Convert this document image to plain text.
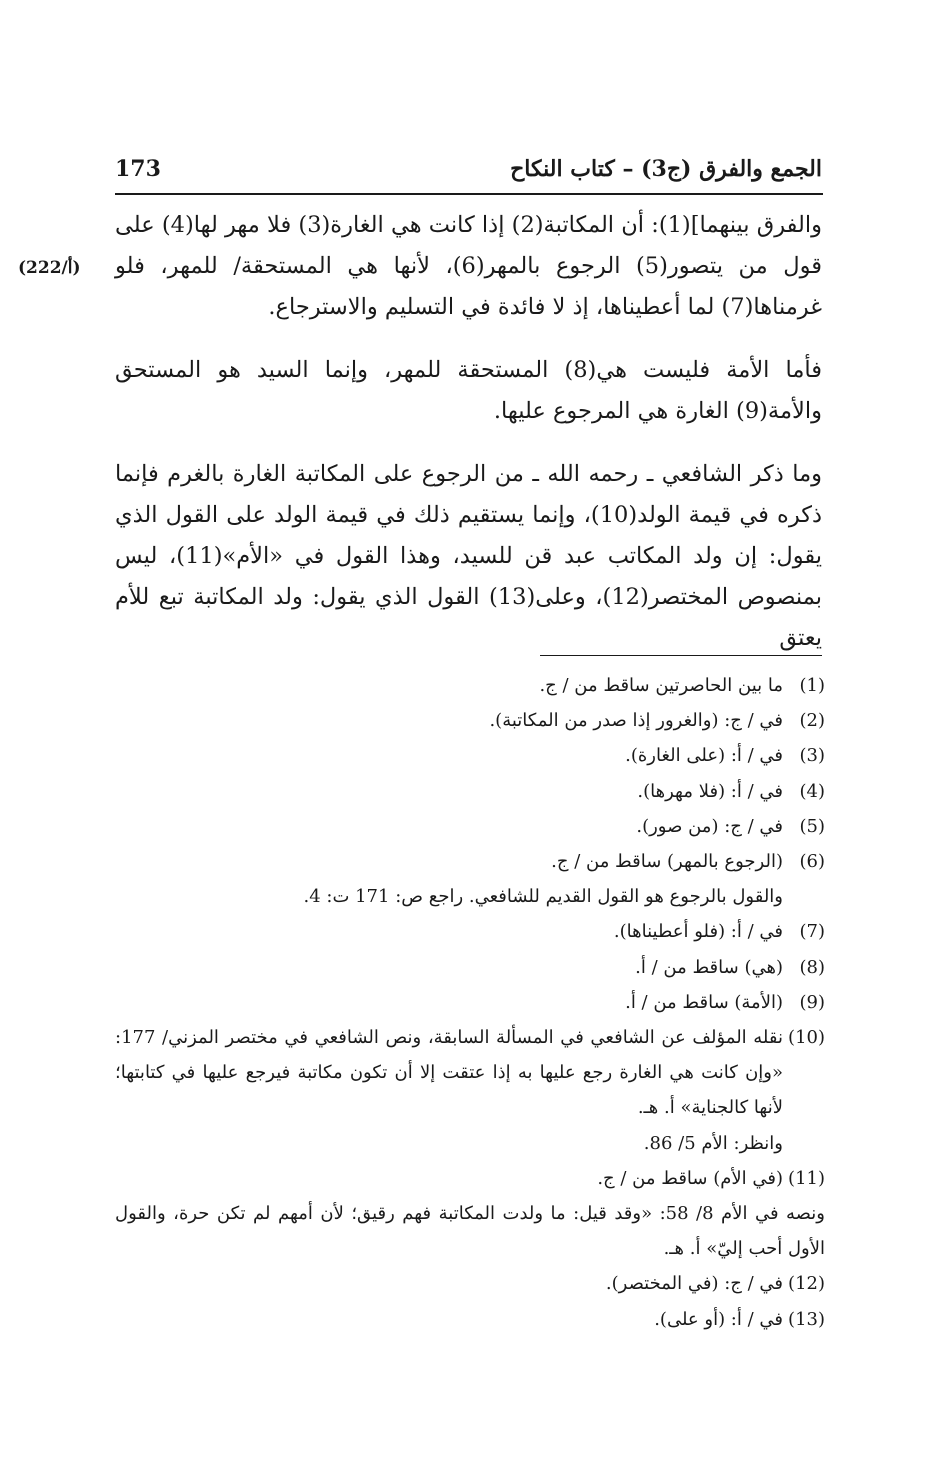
الجمع والفرق (ج3) – كتاب النكاح
173
(222/أ)

والفرق بينهما](1): أن المكاتبة(2) إذا كانت هي الغارة(3) فلا مهر لها(4) على قول من يتصور(5) الرجوع بالمهر(6)، لأنها هي المستحقة/ للمهر، فلو غرمناها(7) لما أعطيناها، إذ لا فائدة في التسليم والاسترجاع.

فأما الأمة فليست هي(8) المستحقة للمهر، وإنما السيد هو المستحق والأمة(9) الغارة هي المرجوع عليها.

وما ذكر الشافعي ـ رحمه الله ـ من الرجوع على المكاتبة الغارة بالغرم فإنما ذكره في قيمة الولد(10)، وإنما يستقيم ذلك في قيمة الولد على القول الذي يقول: إن ولد المكاتب عبد قن للسيد، وهذا القول في «الأم»(11)، ليس بمنصوص المختصر(12)، وعلى(13) القول الذي يقول: ولد المكاتبة تبع للأم يعتق

(1)
ما بين الحاصرتين ساقط من / ج.
(2)
في / ج: (والغرور إذا صدر من المكاتبة).
(3)
في / أ: (على الغارة).
(4)
في / أ: (فلا مهرها).
(5)
في / ج: (من صور).
(6)
(الرجوع بالمهر) ساقط من / ج.
والقول بالرجوع هو القول القديم للشافعي. راجع ص: 171 ت: 4.
(7)
في / أ: (فلو أعطيناها).
(8)
(هي) ساقط من / أ.
(9)
(الأمة) ساقط من / أ.
(10)
نقله المؤلف عن الشافعي في المسألة السابقة، ونص الشافعي في مختصر المزني/ 177: «وإن كانت هي الغارة رجع عليها به إذا عتقت إلا أن تكون مكاتبة فيرجع عليها في كتابتها؛ لأنها كالجناية» أ. هـ.
وانظر: الأم 5/ 86.
(11)
(في الأم) ساقط من / ج.
ونصه في الأم 8/ 58: «وقد قيل: ما ولدت المكاتبة فهم رقيق؛ لأن أمهم لم تكن حرة، والقول الأول أحب إليّ» أ. هـ.
(12)
في / ج: (في المختصر).
(13)
في / أ: (أو على).
